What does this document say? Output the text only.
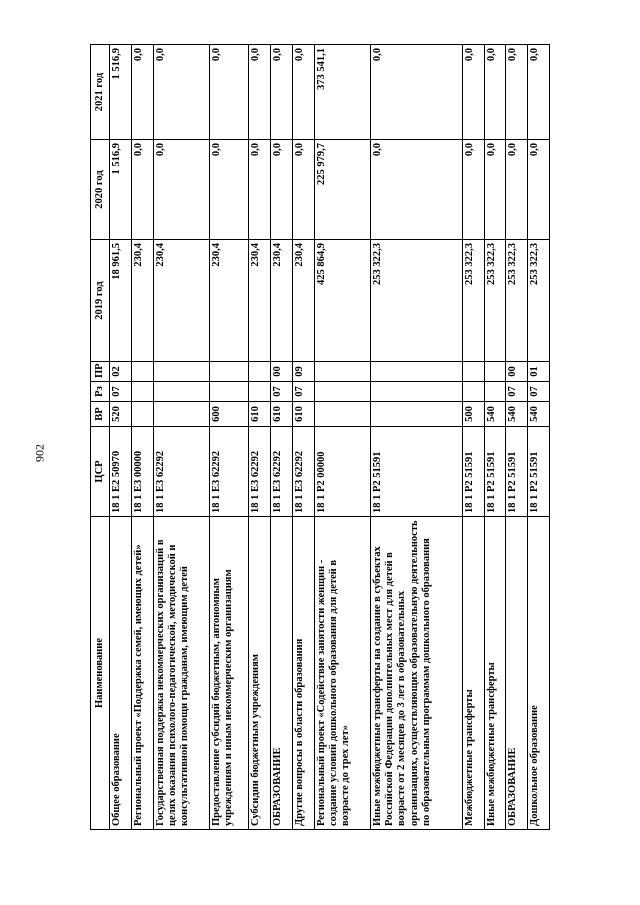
902
Наименование	ЦСР	ВР	Рз	ПР	2019 год	2020 год	2021 год
Общее образование	18 1 E2 50970	520	07	02	18 961,5	1 516,9	1 516,9
Региональный проект «Поддержка семей, имеющих детей»	18 1 E3 00000				230,4	0,0	0,0
Государственная поддержка некоммерческих организаций в целях оказания психолого-педагогической, методической и консультативной помощи гражданам, имеющим детей	18 1 E3 62292				230,4	0,0	0,0
Предоставление субсидий бюджетным, автономным учреждениям и иным некоммерческим организациям	18 1 E3 62292	600			230,4	0,0	0,0
Субсидии бюджетным учреждениям	18 1 E3 62292	610			230,4	0,0	0,0
ОБРАЗОВАНИЕ	18 1 E3 62292	610	07	00	230,4	0,0	0,0
Другие вопросы в области образования	18 1 E3 62292	610	07	09	230,4	0,0	0,0
Региональный проект «Содействие занятости женщин - создание условий дошкольного образования для детей в возрасте до трех лет»	18 1 P2 00000				425 864,9	225 979,7	373 541,1
Иные межбюджетные трансферты на создание в субъектах Российской Федерации дополнительных мест для детей в возрасте от 2 месяцев до 3 лет в образовательных организациях, осуществляющих образовательную деятельность по образовательным программам дошкольного образования	18 1 P2 51591				253 322,3	0,0	0,0
Межбюджетные трансферты	18 1 P2 51591	500			253 322,3	0,0	0,0
Иные межбюджетные трансферты	18 1 P2 51591	540			253 322,3	0,0	0,0
ОБРАЗОВАНИЕ	18 1 P2 51591	540	07	00	253 322,3	0,0	0,0
Дошкольное образование	18 1 P2 51591	540	07	01	253 322,3	0,0	0,0
